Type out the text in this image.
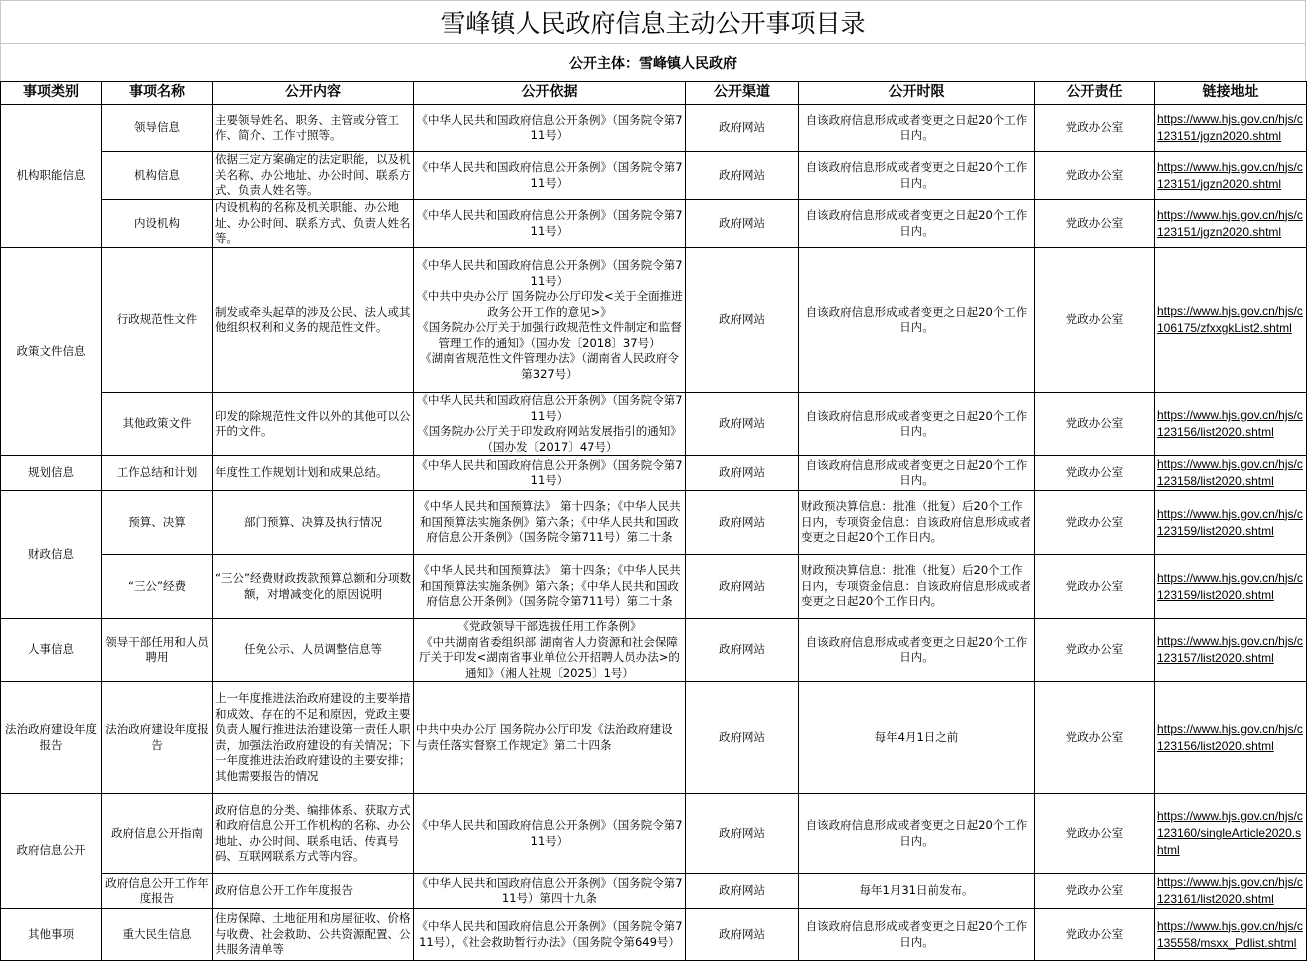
雪峰镇人民政府信息主动公开事项目录
公开主体：雪峰镇人民政府
事项类别	事项名称	公开内容	公开依据	公开渠道	公开时限	公开责任	链接地址
机构职能信息	领导信息	主要领导姓名、职务、主管或分管工作、简介、工作寸照等。	《中华人民共和国政府信息公开条例》（国务院令第711号）	政府网站	自该政府信息形成或者变更之日起20个工作日内。	党政办公室	https://www.hjs.gov.cn/hjs/c123151/jgzn2020.shtml

	机构信息	依据三定方案确定的法定职能，以及机关名称、办公地址、办公时间、联系方式、负责人姓名等。	《中华人民共和国政府信息公开条例》（国务院令第711号）	政府网站	自该政府信息形成或者变更之日起20个工作日内。	党政办公室	https://www.hjs.gov.cn/hjs/c123151/jgzn2020.shtml

	内设机构	内设机构的名称及机关职能、办公地址、办公时间、联系方式、负责人姓名等。	《中华人民共和国政府信息公开条例》（国务院令第711号）	政府网站	自该政府信息形成或者变更之日起20个工作日内。	党政办公室	https://www.hjs.gov.cn/hjs/c123151/jgzn2020.shtml

政策文件信息	行政规范性文件	制发或牵头起草的涉及公民、法人或其他组织权利和义务的规范性文件。	《中华人民共和国政府信息公开条例》（国务院令第711号）
《中共中央办公厅 国务院办公厅印发<关于全面推进政务公开工作的意见>》
《国务院办公厅关于加强行政规范性文件制定和监督管理工作的通知》（国办发〔2018〕37号）
《湖南省规范性文件管理办法》（湖南省人民政府令第327号）	政府网站	自该政府信息形成或者变更之日起20个工作日内。	党政办公室	https://www.hjs.gov.cn/hjs/c106175/zfxxgkList2.shtml

	其他政策文件	印发的除规范性文件以外的其他可以公开的文件。	《中华人民共和国政府信息公开条例》（国务院令第711号）
《国务院办公厅关于印发政府网站发展指引的通知》（国办发〔2017〕47号）	政府网站	自该政府信息形成或者变更之日起20个工作日内。	党政办公室	https://www.hjs.gov.cn/hjs/c123156/list2020.shtml

规划信息	工作总结和计划	年度性工作规划计划和成果总结。	《中华人民共和国政府信息公开条例》（国务院令第711号）	政府网站	自该政府信息形成或者变更之日起20个工作日内。	党政办公室	https://www.hjs.gov.cn/hjs/c123158/list2020.shtml

财政信息	预算、决算	部门预算、决算及执行情况	《中华人民共和国预算法》 第十四条；《中华人民共和国预算法实施条例》第六条；《中华人民共和国政府信息公开条例》（国务院令第711号）第二十条	政府网站	财政预决算信息：批准（批复）后20个工作日内，专项资金信息：自该政府信息形成或者变更之日起20个工作日内。	党政办公室	https://www.hjs.gov.cn/hjs/c123159/list2020.shtml

	“三公”经费	“三公”经费财政拨款预算总额和分项数额，对增减变化的原因说明	《中华人民共和国预算法》 第十四条；《中华人民共和国预算法实施条例》第六条；《中华人民共和国政府信息公开条例》（国务院令第711号）第二十条	政府网站	财政预决算信息：批准（批复）后20个工作日内，专项资金信息：自该政府信息形成或者变更之日起20个工作日内。	党政办公室	https://www.hjs.gov.cn/hjs/c123159/list2020.shtml

人事信息	领导干部任用和人员聘用	任免公示、人员调整信息等	《党政领导干部选拔任用工作条例》
《中共湖南省委组织部 湖南省人力资源和社会保障厅关于印发<湖南省事业单位公开招聘人员办法>的通知》（湘人社规〔2025〕1号）	政府网站	自该政府信息形成或者变更之日起20个工作日内。	党政办公室	https://www.hjs.gov.cn/hjs/c123157/list2020.shtml

法治政府建设年度报告	法治政府建设年度报告	上一年度推进法治政府建设的主要举措和成效、存在的不足和原因，党政主要负责人履行推进法治建设第一责任人职责，加强法治政府建设的有关情况；下一年度推进法治政府建设的主要安排；其他需要报告的情况	中共中央办公厅 国务院办公厅印发《法治政府建设与责任落实督察工作规定》第二十四条	政府网站	每年4月1日之前	党政办公室	https://www.hjs.gov.cn/hjs/c123156/list2020.shtml

政府信息公开	政府信息公开指南	政府信息的分类、编排体系、获取方式和政府信息公开工作机构的名称、办公地址、办公时间、联系电话、传真号码、互联网联系方式等内容。	《中华人民共和国政府信息公开条例》（国务院令第711号）	政府网站	自该政府信息形成或者变更之日起20个工作日内。	党政办公室	https://www.hjs.gov.cn/hjs/c123160/singleArticle2020.shtml

	政府信息公开工作年度报告	政府信息公开工作年度报告	《中华人民共和国政府信息公开条例》（国务院令第711号）第四十九条	政府网站	每年1月31日前发布。	党政办公室	https://www.hjs.gov.cn/hjs/c123161/list2020.shtml

其他事项	重大民生信息	住房保障、土地征用和房屋征收、价格与收费、社会救助、公共资源配置、公共服务清单等	《中华人民共和国政府信息公开条例》（国务院令第711号），《社会救助暂行办法》（国务院令第649号）	政府网站	自该政府信息形成或者变更之日起20个工作日内。	党政办公室	https://www.hjs.gov.cn/hjs/c135558/msxx_Pdlist.shtml
